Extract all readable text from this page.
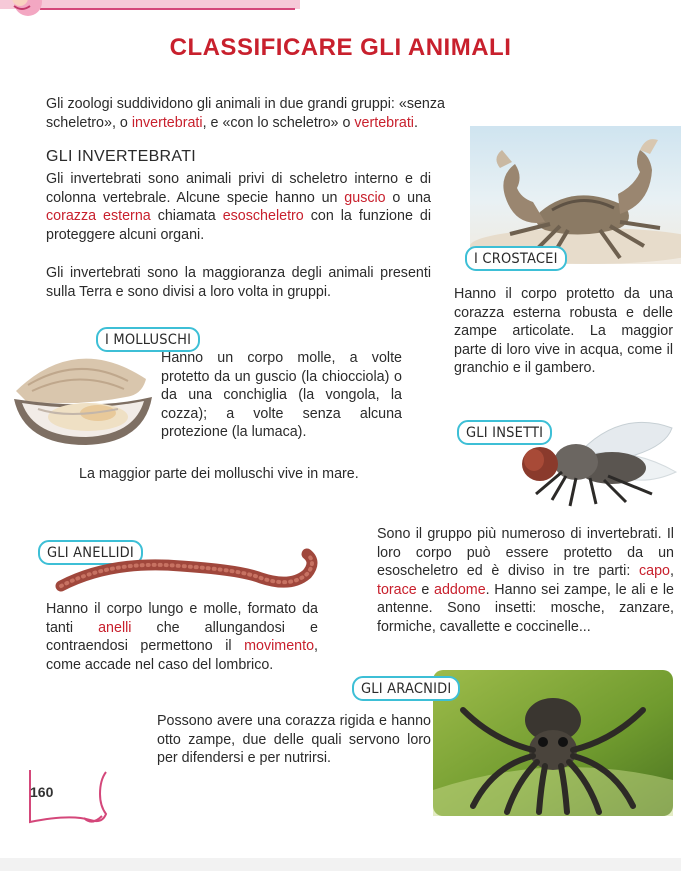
CLASSIFICARE GLI ANIMALI
Gli zoologi suddividono gli animali in due grandi gruppi: «senza scheletro», o invertebrati, e «con lo scheletro» o vertebrati.
GLI INVERTEBRATI
Gli invertebrati sono animali privi di scheletro interno e di colonna vertebrale. Alcune specie hanno un guscio o una corazza esterna chiamata esoscheletro con la funzione di proteggere alcuni organi.
Gli invertebrati sono la maggioranza degli animali presenti sulla Terra e sono divisi a loro volta in gruppi.
I CROSTACEI
Hanno il corpo protetto da una corazza esterna robusta e delle zampe articolate. La maggior parte di loro vive in acqua, come il granchio e il gambero.
I MOLLUSCHI
Hanno un corpo molle, a volte protetto da un guscio (la chiocciola) o da una conchiglia (la vongola, la cozza); a volte senza alcuna protezione (la lumaca).
La maggior parte dei molluschi vive in mare.
GLI INSETTI
Sono il gruppo più numeroso di invertebrati. Il loro corpo può essere protetto da un esoscheletro ed è diviso in tre parti: capo, torace e addome. Hanno sei zampe, le ali e le antenne. Sono insetti: mosche, zanzare, formiche, cavallette e coccinelle...
GLI ANELLIDI
Hanno il corpo lungo e molle, formato da tanti anelli che allungandosi e contraendosi permettono il movimento, come accade nel caso del lombrico.
GLI ARACNIDI
Possono avere una corazza rigida e hanno otto zampe, due delle quali servono loro per difendersi e per nutrirsi.
160
